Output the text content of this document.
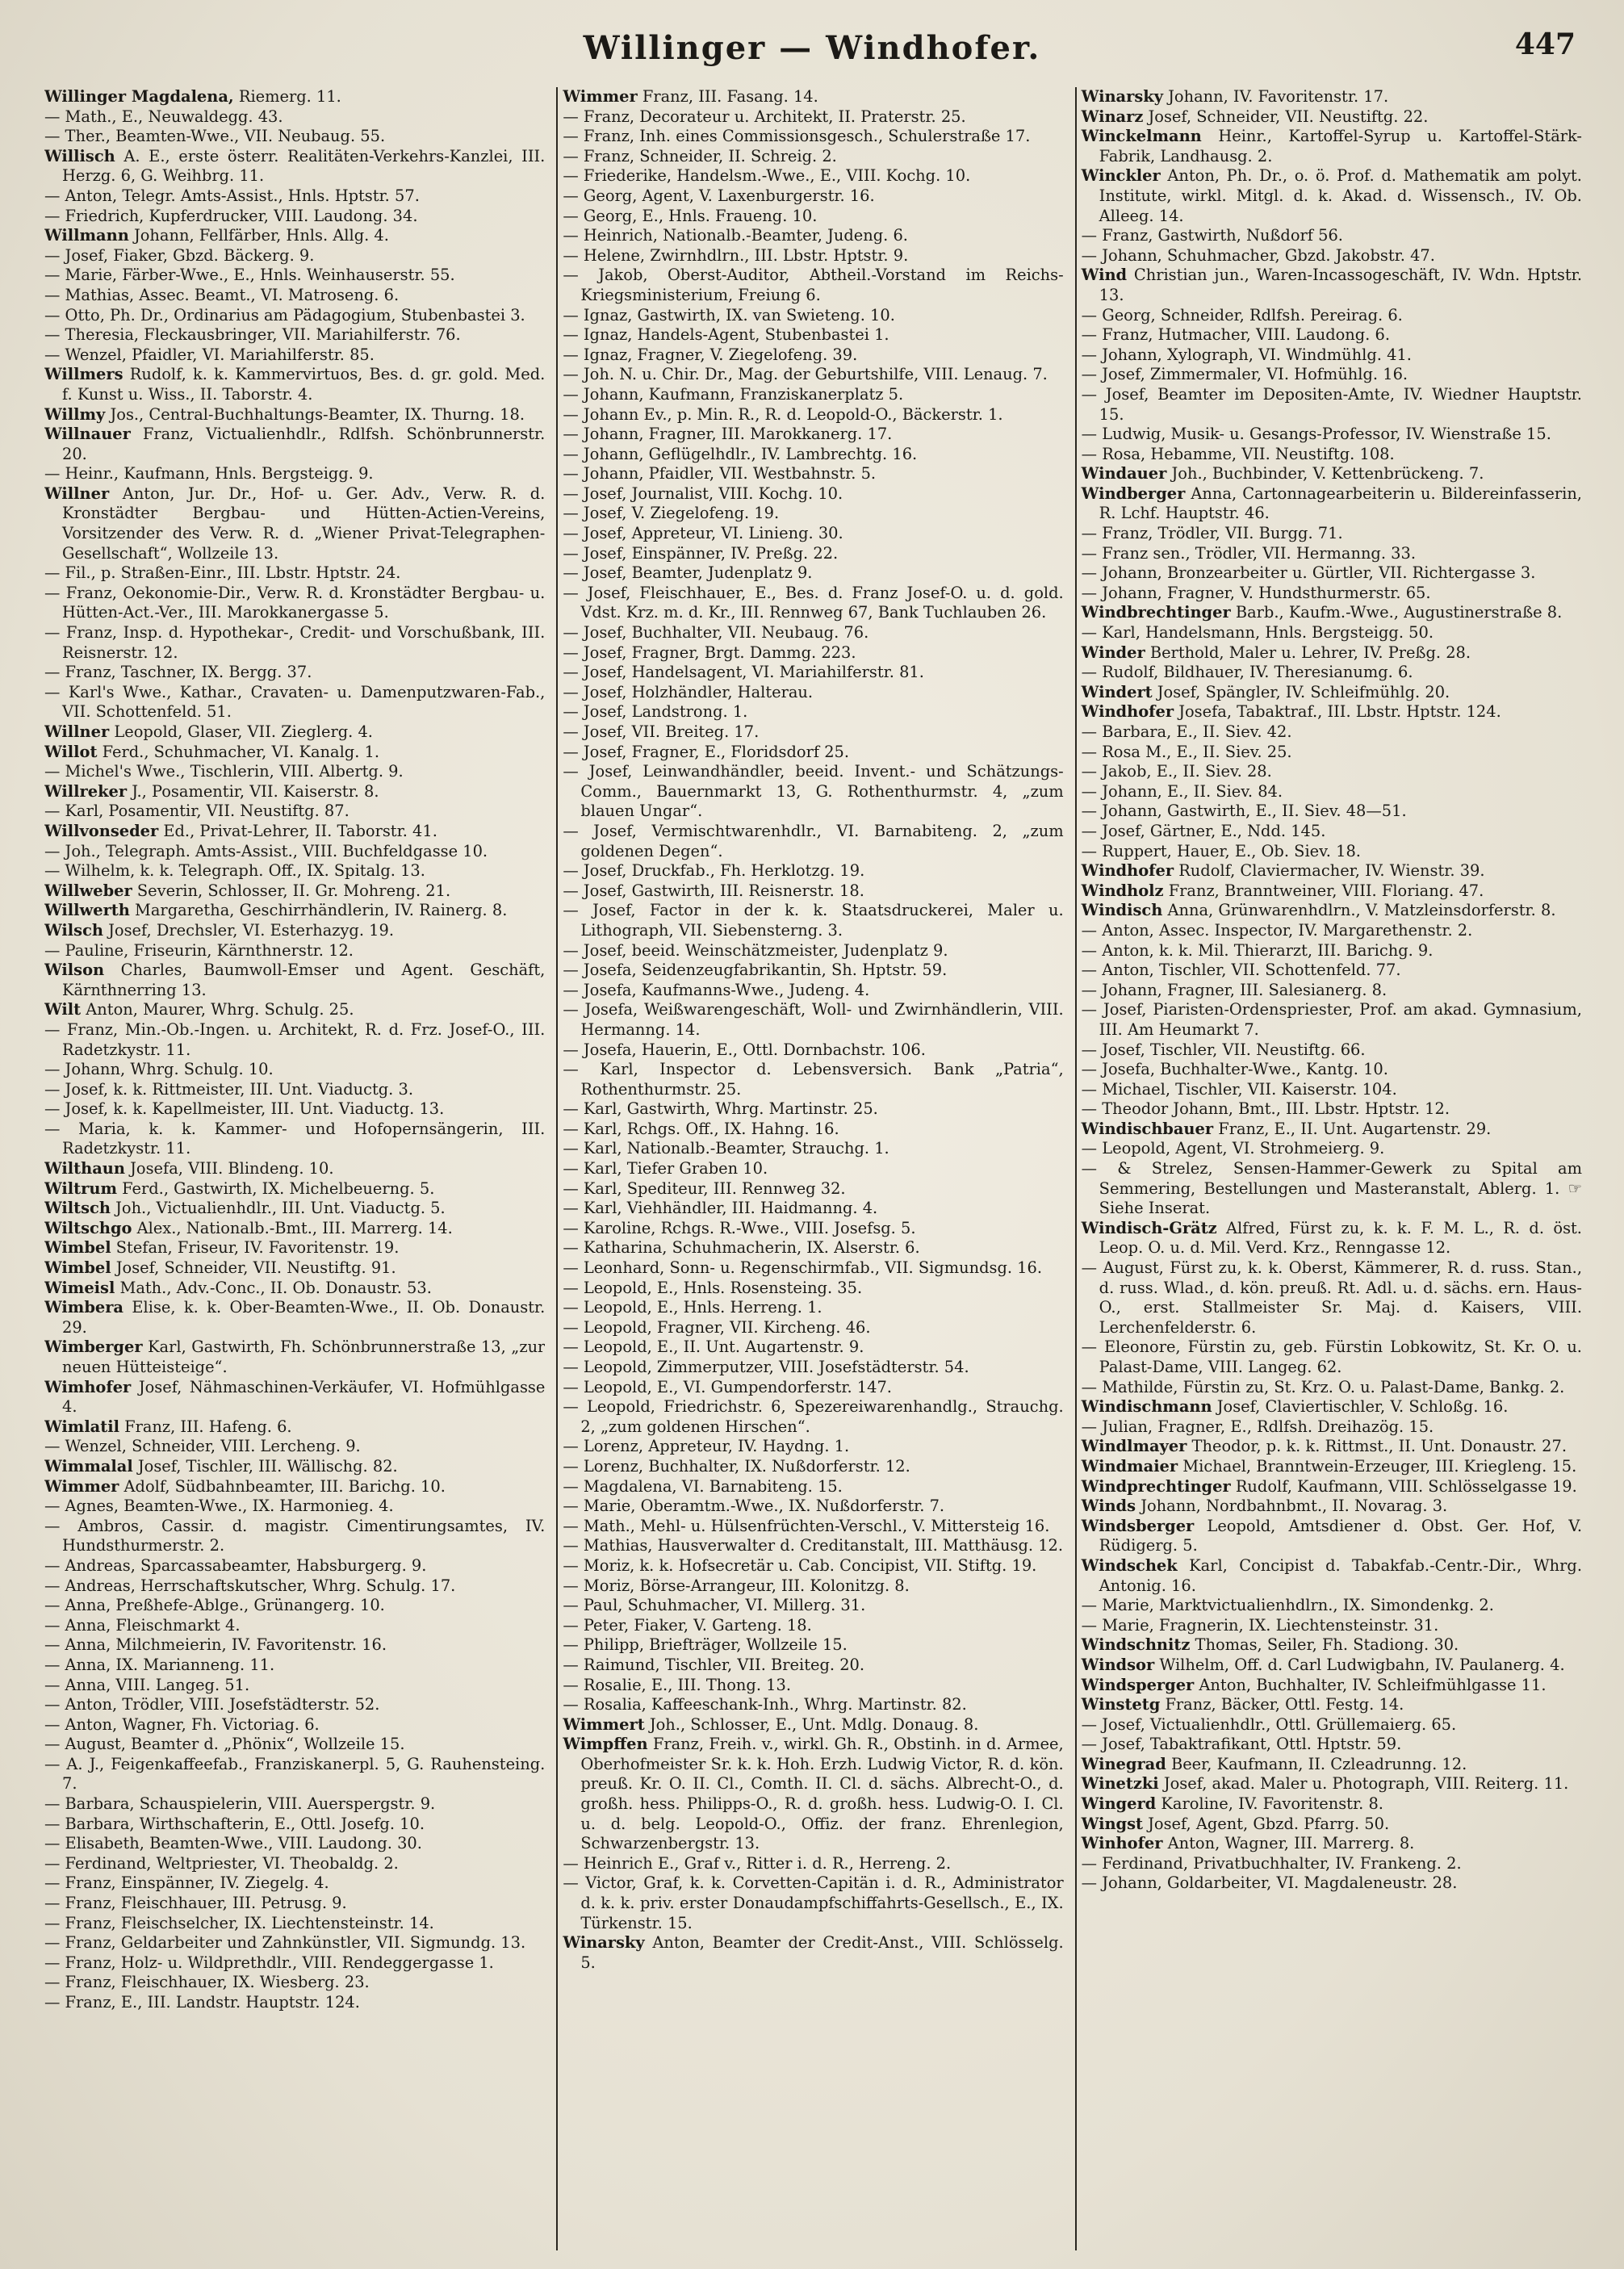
Willinger — Windhofer.	447

Willinger Magdalena, Riemerg. 11.

— Math., E., Neuwaldegg. 43.

— Ther., Beamten-Wwe., VII. Neubaug. 55.

Willisch A. E., erste österr. Realitäten-Verkehrs-Kanzlei, III. Herzg. 6, G. Weihbrg. 11.

— Anton, Telegr. Amts-Assist., Hnls. Hptstr. 57.

— Friedrich, Kupferdrucker, VIII. Laudong. 34.

Willmann Johann, Fellfärber, Hnls. Allg. 4.

— Josef, Fiaker, Gbzd. Bäckerg. 9.

— Marie, Färber-Wwe., E., Hnls. Weinhauserstr. 55.

— Mathias, Assec. Beamt., VI. Matroseng. 6.

— Otto, Ph. Dr., Ordinarius am Pädagogium, Stubenbastei 3.

— Theresia, Fleckausbringer, VII. Mariahilferstr. 76.

— Wenzel, Pfaidler, VI. Mariahilferstr. 85.

Willmers Rudolf, k. k. Kammervirtuos, Bes. d. gr. gold. Med. f. Kunst u. Wiss., II. Taborstr. 4.

Willmy Jos., Central-Buchhaltungs-Beamter, IX. Thurng. 18.

Willnauer Franz, Victualienhdlr., Rdlfsh. Schönbrunnerstr. 20.

— Heinr., Kaufmann, Hnls. Bergsteigg. 9.

Willner Anton, Jur. Dr., Hof- u. Ger. Adv., Verw. R. d. Kronstädter Bergbau- und Hütten-Actien-Vereins, Vorsitzender des Verw. R. d. „Wiener Privat-Telegraphen-Gesellschaft“, Wollzeile 13.

— Fil., p. Straßen-Einr., III. Lbstr. Hptstr. 24.

— Franz, Oekonomie-Dir., Verw. R. d. Kronstädter Bergbau- u. Hütten-Act.-Ver., III. Marokkanergasse 5.

— Franz, Insp. d. Hypothekar-, Credit- und Vorschußbank, III. Reisnerstr. 12.

— Franz, Taschner, IX. Bergg. 37.

— Karl's Wwe., Kathar., Cravaten- u. Damenputzwaren-Fab., VII. Schottenfeld. 51.

Willner Leopold, Glaser, VII. Zieglerg. 4.

Willot Ferd., Schuhmacher, VI. Kanalg. 1.

— Michel's Wwe., Tischlerin, VIII. Albertg. 9.

Willreker J., Posamentir, VII. Kaiserstr. 8.

— Karl, Posamentir, VII. Neustiftg. 87.

Willvonseder Ed., Privat-Lehrer, II. Taborstr. 41.

— Joh., Telegraph. Amts-Assist., VIII. Buchfeldgasse 10.

— Wilhelm, k. k. Telegraph. Off., IX. Spitalg. 13.

Willweber Severin, Schlosser, II. Gr. Mohreng. 21.

Willwerth Margaretha, Geschirrhändlerin, IV. Rainerg. 8.

Wilsch Josef, Drechsler, VI. Esterhazyg. 19.

— Pauline, Friseurin, Kärnthnerstr. 12.

Wilson Charles, Baumwoll-Emser und Agent. Geschäft, Kärnthnerring 13.

Wilt Anton, Maurer, Whrg. Schulg. 25.

— Franz, Min.-Ob.-Ingen. u. Architekt, R. d. Frz. Josef-O., III. Radetzkystr. 11.

— Johann, Whrg. Schulg. 10.

— Josef, k. k. Rittmeister, III. Unt. Viaductg. 3.

— Josef, k. k. Kapellmeister, III. Unt. Viaductg. 13.

— Maria, k. k. Kammer- und Hofopernsängerin, III. Radetzkystr. 11.

Wilthaun Josefa, VIII. Blindeng. 10.

Wiltrum Ferd., Gastwirth, IX. Michelbeuerng. 5.

Wiltsch Joh., Victualienhdlr., III. Unt. Viaductg. 5.

Wiltschgo Alex., Nationalb.-Bmt., III. Marrerg. 14.

Wimbel Stefan, Friseur, IV. Favoritenstr. 19.

Wimbel Josef, Schneider, VII. Neustiftg. 91.

Wimeisl Math., Adv.-Conc., II. Ob. Donaustr. 53.

Wimbera Elise, k. k. Ober-Beamten-Wwe., II. Ob. Donaustr. 29.

Wimberger Karl, Gastwirth, Fh. Schönbrunnerstraße 13, „zur neuen Hütteisteige“.

Wimhofer Josef, Nähmaschinen-Verkäufer, VI. Hofmühlgasse 4.

Wimlatil Franz, III. Hafeng. 6.

— Wenzel, Schneider, VIII. Lercheng. 9.

Wimmalal Josef, Tischler, III. Wällischg. 82.

Wimmer Adolf, Südbahnbeamter, III. Barichg. 10.

— Agnes, Beamten-Wwe., IX. Harmonieg. 4.

— Ambros, Cassir. d. magistr. Cimentirungsamtes, IV. Hundsthurmerstr. 2.

— Andreas, Sparcassabeamter, Habsburgerg. 9.

— Andreas, Herrschaftskutscher, Whrg. Schulg. 17.

— Anna, Preßhefe-Ablge., Grünangerg. 10.

— Anna, Fleischmarkt 4.

— Anna, Milchmeierin, IV. Favoritenstr. 16.

— Anna, IX. Marianneng. 11.

— Anna, VIII. Langeg. 51.

— Anton, Trödler, VIII. Josefstädterstr. 52.

— Anton, Wagner, Fh. Victoriag. 6.

— August, Beamter d. „Phönix“, Wollzeile 15.

— A. J., Feigenkaffeefab., Franziskanerpl. 5, G. Rauhensteing. 7.

— Barbara, Schauspielerin, VIII. Auerspergstr. 9.

— Barbara, Wirthschafterin, E., Ottl. Josefg. 10.

— Elisabeth, Beamten-Wwe., VIII. Laudong. 30.

— Ferdinand, Weltpriester, VI. Theobaldg. 2.

— Franz, Einspänner, IV. Ziegelg. 4.

— Franz, Fleischhauer, III. Petrusg. 9.

— Franz, Fleischselcher, IX. Liechtensteinstr. 14.

— Franz, Geldarbeiter und Zahnkünstler, VII. Sigmundg. 13.

— Franz, Holz- u. Wildprethdlr., VIII. Rendeggergasse 1.

— Franz, Fleischhauer, IX. Wiesberg. 23.

— Franz, E., III. Landstr. Hauptstr. 124.

Wimmer Franz, III. Fasang. 14.

— Franz, Decorateur u. Architekt, II. Praterstr. 25.

— Franz, Inh. eines Commissionsgesch., Schulerstraße 17.

— Franz, Schneider, II. Schreig. 2.

— Friederike, Handelsm.-Wwe., E., VIII. Kochg. 10.

— Georg, Agent, V. Laxenburgerstr. 16.

— Georg, E., Hnls. Fraueng. 10.

— Heinrich, Nationalb.-Beamter, Judeng. 6.

— Helene, Zwirnhdlrn., III. Lbstr. Hptstr. 9.

— Jakob, Oberst-Auditor, Abtheil.-Vorstand im Reichs-Kriegsministerium, Freiung 6.

— Ignaz, Gastwirth, IX. van Swieteng. 10.

— Ignaz, Handels-Agent, Stubenbastei 1.

— Ignaz, Fragner, V. Ziegelofeng. 39.

— Joh. N. u. Chir. Dr., Mag. der Geburtshilfe, VIII. Lenaug. 7.

— Johann, Kaufmann, Franziskanerplatz 5.

— Johann Ev., p. Min. R., R. d. Leopold-O., Bäckerstr. 1.

— Johann, Fragner, III. Marokkanerg. 17.

— Johann, Geflügelhdlr., IV. Lambrechtg. 16.

— Johann, Pfaidler, VII. Westbahnstr. 5.

— Josef, Journalist, VIII. Kochg. 10.

— Josef, V. Ziegelofeng. 19.

— Josef, Appreteur, VI. Linieng. 30.

— Josef, Einspänner, IV. Preßg. 22.

— Josef, Beamter, Judenplatz 9.

— Josef, Fleischhauer, E., Bes. d. Franz Josef-O. u. d. gold. Vdst. Krz. m. d. Kr., III. Rennweg 67, Bank Tuchlauben 26.

— Josef, Buchhalter, VII. Neubaug. 76.

— Josef, Fragner, Brgt. Dammg. 223.

— Josef, Handelsagent, VI. Mariahilferstr. 81.

— Josef, Holzhändler, Halterau.

— Josef, Landstrong. 1.

— Josef, VII. Breiteg. 17.

— Josef, Fragner, E., Floridsdorf 25.

— Josef, Leinwandhändler, beeid. Invent.- und Schätzungs-Comm., Bauernmarkt 13, G. Rothenthurmstr. 4, „zum blauen Ungar“.

— Josef, Vermischtwarenhdlr., VI. Barnabiteng. 2, „zum goldenen Degen“.

— Josef, Druckfab., Fh. Herklotzg. 19.

— Josef, Gastwirth, III. Reisnerstr. 18.

— Josef, Factor in der k. k. Staatsdruckerei, Maler u. Lithograph, VII. Siebensterng. 3.

— Josef, beeid. Weinschätzmeister, Judenplatz 9.

— Josefa, Seidenzeugfabrikantin, Sh. Hptstr. 59.

— Josefa, Kaufmanns-Wwe., Judeng. 4.

— Josefa, Weißwarengeschäft, Woll- und Zwirnhändlerin, VIII. Hermanng. 14.

— Josefa, Hauerin, E., Ottl. Dornbachstr. 106.

— Karl, Inspector d. Lebensversich. Bank „Patria“, Rothenthurmstr. 25.

— Karl, Gastwirth, Whrg. Martinstr. 25.

— Karl, Rchgs. Off., IX. Hahng. 16.

— Karl, Nationalb.-Beamter, Strauchg. 1.

— Karl, Tiefer Graben 10.

— Karl, Spediteur, III. Rennweg 32.

— Karl, Viehhändler, III. Haidmanng. 4.

— Karoline, Rchgs. R.-Wwe., VIII. Josefsg. 5.

— Katharina, Schuhmacherin, IX. Alserstr. 6.

— Leonhard, Sonn- u. Regenschirmfab., VII. Sigmundsg. 16.

— Leopold, E., Hnls. Rosensteing. 35.

— Leopold, E., Hnls. Herreng. 1.

— Leopold, Fragner, VII. Kircheng. 46.

— Leopold, E., II. Unt. Augartenstr. 9.

— Leopold, Zimmerputzer, VIII. Josefstädterstr. 54.

— Leopold, E., VI. Gumpendorferstr. 147.

— Leopold, Friedrichstr. 6, Spezereiwarenhandlg., Strauchg. 2, „zum goldenen Hirschen“.

— Lorenz, Appreteur, IV. Haydng. 1.

— Lorenz, Buchhalter, IX. Nußdorferstr. 12.

— Magdalena, VI. Barnabiteng. 15.

— Marie, Oberamtm.-Wwe., IX. Nußdorferstr. 7.

— Math., Mehl- u. Hülsenfrüchten-Verschl., V. Mittersteig 16.

— Mathias, Hausverwalter d. Creditanstalt, III. Matthäusg. 12.

— Moriz, k. k. Hofsecretär u. Cab. Concipist, VII. Stiftg. 19.

— Moriz, Börse-Arrangeur, III. Kolonitzg. 8.

— Paul, Schuhmacher, VI. Millerg. 31.

— Peter, Fiaker, V. Garteng. 18.

— Philipp, Briefträger, Wollzeile 15.

— Raimund, Tischler, VII. Breiteg. 20.

— Rosalie, E., III. Thong. 13.

— Rosalia, Kaffeeschank-Inh., Whrg. Martinstr. 82.

Wimmert Joh., Schlosser, E., Unt. Mdlg. Donaug. 8.

Wimpffen Franz, Freih. v., wirkl. Gh. R., Obstinh. in d. Armee, Oberhofmeister Sr. k. k. Hoh. Erzh. Ludwig Victor, R. d. kön. preuß. Kr. O. II. Cl., Comth. II. Cl. d. sächs. Albrecht-O., d. großh. hess. Philipps-O., R. d. großh. hess. Ludwig-O. I. Cl. u. d. belg. Leopold-O., Offiz. der franz. Ehrenlegion, Schwarzenbergstr. 13.

— Heinrich E., Graf v., Ritter i. d. R., Herreng. 2.

— Victor, Graf, k. k. Corvetten-Capitän i. d. R., Administrator d. k. k. priv. erster Donaudampfschiffahrts-Gesellsch., E., IX. Türkenstr. 15.

Winarsky Anton, Beamter der Credit-Anst., VIII. Schlösselg. 5.

Winarsky Johann, IV. Favoritenstr. 17.

Winarz Josef, Schneider, VII. Neustiftg. 22.

Winckelmann Heinr., Kartoffel-Syrup u. Kartoffel-Stärk-Fabrik, Landhausg. 2.

Winckler Anton, Ph. Dr., o. ö. Prof. d. Mathematik am polyt. Institute, wirkl. Mitgl. d. k. Akad. d. Wissensch., IV. Ob. Alleeg. 14.

— Franz, Gastwirth, Nußdorf 56.

— Johann, Schuhmacher, Gbzd. Jakobstr. 47.

Wind Christian jun., Waren-Incassogeschäft, IV. Wdn. Hptstr. 13.

— Georg, Schneider, Rdlfsh. Pereirag. 6.

— Franz, Hutmacher, VIII. Laudong. 6.

— Johann, Xylograph, VI. Windmühlg. 41.

— Josef, Zimmermaler, VI. Hofmühlg. 16.

— Josef, Beamter im Depositen-Amte, IV. Wiedner Hauptstr. 15.

— Ludwig, Musik- u. Gesangs-Professor, IV. Wienstraße 15.

— Rosa, Hebamme, VII. Neustiftg. 108.

Windauer Joh., Buchbinder, V. Kettenbrückeng. 7.

Windberger Anna, Cartonnagearbeiterin u. Bildereinfasserin, R. Lchf. Hauptstr. 46.

— Franz, Trödler, VII. Burgg. 71.

— Franz sen., Trödler, VII. Hermanng. 33.

— Johann, Bronzearbeiter u. Gürtler, VII. Richtergasse 3.

— Johann, Fragner, V. Hundsthurmerstr. 65.

Windbrechtinger Barb., Kaufm.-Wwe., Augustinerstraße 8.

— Karl, Handelsmann, Hnls. Bergsteigg. 50.

Winder Berthold, Maler u. Lehrer, IV. Preßg. 28.

— Rudolf, Bildhauer, IV. Theresianumg. 6.

Windert Josef, Spängler, IV. Schleifmühlg. 20.

Windhofer Josefa, Tabaktraf., III. Lbstr. Hptstr. 124.

— Barbara, E., II. Siev. 42.

— Rosa M., E., II. Siev. 25.

— Jakob, E., II. Siev. 28.

— Johann, E., II. Siev. 84.

— Johann, Gastwirth, E., II. Siev. 48—51.

— Josef, Gärtner, E., Ndd. 145.

— Ruppert, Hauer, E., Ob. Siev. 18.

Windhofer Rudolf, Claviermacher, IV. Wienstr. 39.

Windholz Franz, Branntweiner, VIII. Floriang. 47.

Windisch Anna, Grünwarenhdlrn., V. Matzleinsdorferstr. 8.

— Anton, Assec. Inspector, IV. Margarethenstr. 2.

— Anton, k. k. Mil. Thierarzt, III. Barichg. 9.

— Anton, Tischler, VII. Schottenfeld. 77.

— Johann, Fragner, III. Salesianerg. 8.

— Josef, Piaristen-Ordenspriester, Prof. am akad. Gymnasium, III. Am Heumarkt 7.

— Josef, Tischler, VII. Neustiftg. 66.

— Josefa, Buchhalter-Wwe., Kantg. 10.

— Michael, Tischler, VII. Kaiserstr. 104.

— Theodor Johann, Bmt., III. Lbstr. Hptstr. 12.

Windischbauer Franz, E., II. Unt. Augartenstr. 29.

— Leopold, Agent, VI. Strohmeierg. 9.

— & Strelez, Sensen-Hammer-Gewerk zu Spital am Semmering, Bestellungen und Masteranstalt, Ablerg. 1. ☞ Siehe Inserat.

Windisch-Grätz Alfred, Fürst zu, k. k. F. M. L., R. d. öst. Leop. O. u. d. Mil. Verd. Krz., Renngasse 12.

— August, Fürst zu, k. k. Oberst, Kämmerer, R. d. russ. Stan., d. russ. Wlad., d. kön. preuß. Rt. Adl. u. d. sächs. ern. Haus-O., erst. Stallmeister Sr. Maj. d. Kaisers, VIII. Lerchenfelderstr. 6.

— Eleonore, Fürstin zu, geb. Fürstin Lobkowitz, St. Kr. O. u. Palast-Dame, VIII. Langeg. 62.

— Mathilde, Fürstin zu, St. Krz. O. u. Palast-Dame, Bankg. 2.

Windischmann Josef, Claviertischler, V. Schloßg. 16.

— Julian, Fragner, E., Rdlfsh. Dreihazög. 15.

Windlmayer Theodor, p. k. k. Rittmst., II. Unt. Donaustr. 27.

Windmaier Michael, Branntwein-Erzeuger, III. Kriegleng. 15.

Windprechtinger Rudolf, Kaufmann, VIII. Schlösselgasse 19.

Winds Johann, Nordbahnbmt., II. Novarag. 3.

Windsberger Leopold, Amtsdiener d. Obst. Ger. Hof, V. Rüdigerg. 5.

Windschek Karl, Concipist d. Tabakfab.-Centr.-Dir., Whrg. Antonig. 16.

— Marie, Marktvictualienhdlrn., IX. Simondenkg. 2.

— Marie, Fragnerin, IX. Liechtensteinstr. 31.

Windschnitz Thomas, Seiler, Fh. Stadiong. 30.

Windsor Wilhelm, Off. d. Carl Ludwigbahn, IV. Paulanerg. 4.

Windsperger Anton, Buchhalter, IV. Schleifmühlgasse 11.

Winstetg Franz, Bäcker, Ottl. Festg. 14.

— Josef, Victualienhdlr., Ottl. Grüllemaierg. 65.

— Josef, Tabaktrafikant, Ottl. Hptstr. 59.

Winegrad Beer, Kaufmann, II. Czleadrunng. 12.

Winetzki Josef, akad. Maler u. Photograph, VIII. Reiterg. 11.

Wingerd Karoline, IV. Favoritenstr. 8.

Wingst Josef, Agent, Gbzd. Pfarrg. 50.

Winhofer Anton, Wagner, III. Marrerg. 8.

— Ferdinand, Privatbuchhalter, IV. Frankeng. 2.

— Johann, Goldarbeiter, VI. Magdaleneustr. 28.
